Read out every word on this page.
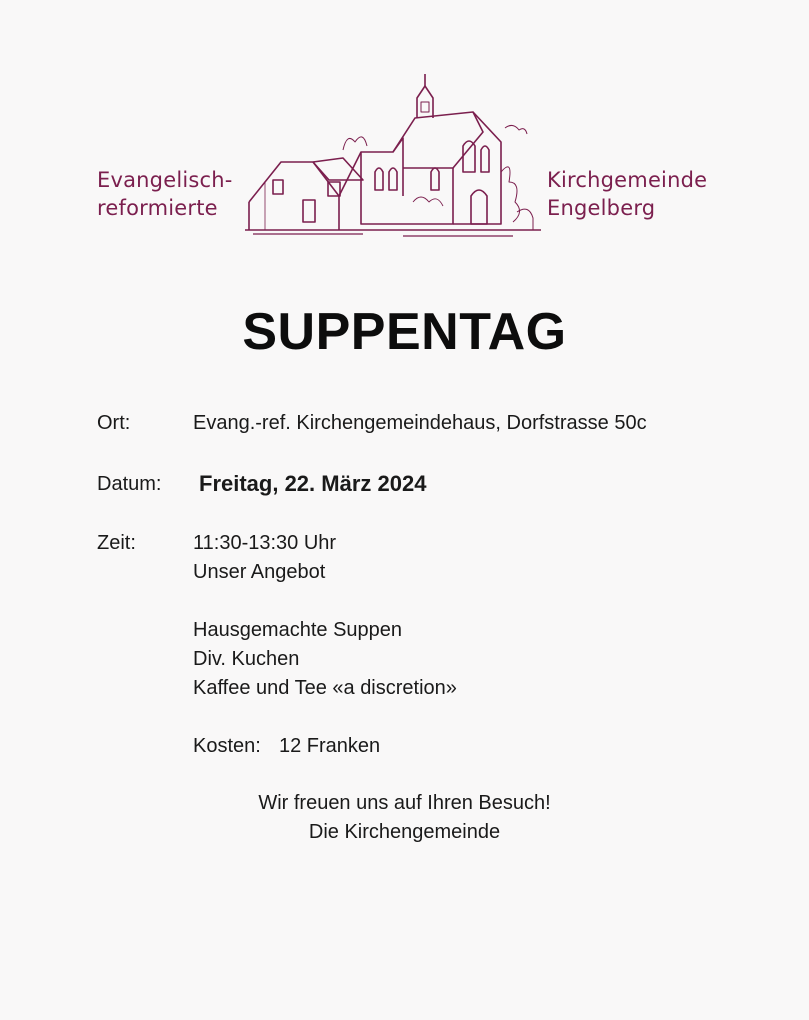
Evangelisch-
reformierte
Kirchgemeinde
Engelberg
SUPPENTAG
Ort:	Evang.-ref. Kirchengemeindehaus, Dorfstrasse 50c
Datum: Freitag, 22. März 2024
Zeit:	11:30-13:30 Uhr
Unser Angebot
Hausgemachte Suppen
Div. Kuchen
Kaffee und Tee «a discretion»
Kosten: 12 Franken
Wir freuen uns auf Ihren Besuch!
Die Kirchengemeinde
